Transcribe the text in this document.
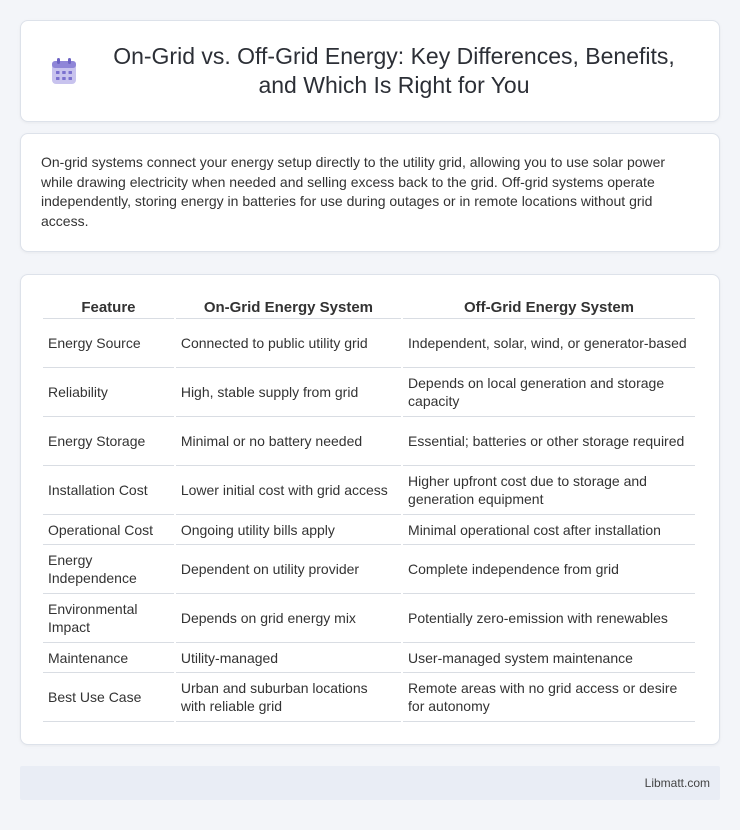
On-Grid vs. Off-Grid Energy: Key Differences, Benefits, and Which Is Right for You

On-grid systems connect your energy setup directly to the utility grid, allowing you to use solar power while drawing electricity when needed and selling excess back to the grid. Off-grid systems operate independently, storing energy in batteries for use during outages or in remote locations without grid access.

Feature	On-Grid Energy System	Off-Grid Energy System
Energy Source	Connected to public utility grid	Independent, solar, wind, or generator-based
Reliability	High, stable supply from grid	Depends on local generation and storage capacity
Energy Storage	Minimal or no battery needed	Essential; batteries or other storage required
Installation Cost	Lower initial cost with grid access	Higher upfront cost due to storage and generation equipment
Operational Cost	Ongoing utility bills apply	Minimal operational cost after installation
Energy Independence	Dependent on utility provider	Complete independence from grid
Environmental Impact	Depends on grid energy mix	Potentially zero-emission with renewables
Maintenance	Utility-managed	User-managed system maintenance
Best Use Case	Urban and suburban locations with reliable grid	Remote areas with no grid access or desire for autonomy
Libmatt.com
